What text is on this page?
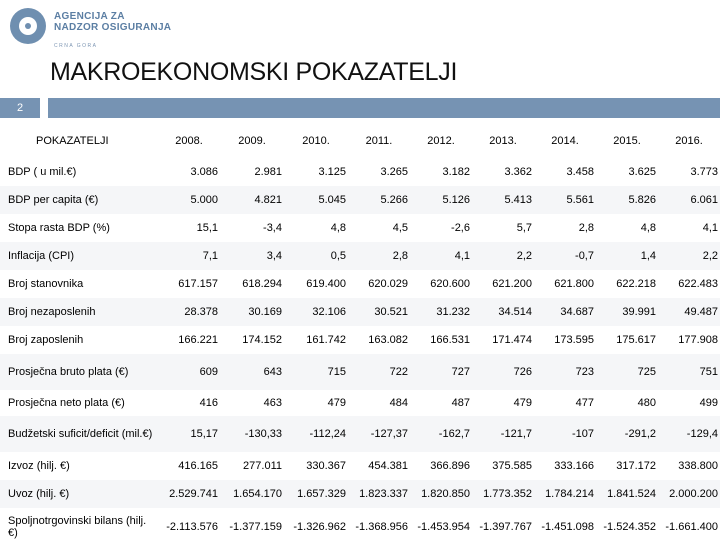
AGENCIJA ZA
NADZOR OSIGURANJA
CRNA GORA
MAKROEKONOMSKI POKAZATELJI
2
POKAZATELJI	2008.	2009.	2010.	2011.	2012.	2013.	2014.	2015.	2016.
BDP ( u mil.€)	3.086	2.981	3.125	3.265	3.182	3.362	3.458	3.625	3.773
BDP per capita (€)	5.000	4.821	5.045	5.266	5.126	5.413	5.561	5.826	6.061
Stopa rasta BDP (%)	15,1	-3,4	4,8	4,5	-2,6	5,7	2,8	4,8	4,1
Inflacija (CPI)	7,1	3,4	0,5	2,8	4,1	2,2	-0,7	1,4	2,2
Broj stanovnika	617.157	618.294	619.400	620.029	620.600	621.200	621.800	622.218	622.483
Broj nezaposlenih	28.378	30.169	32.106	30.521	31.232	34.514	34.687	39.991	49.487
Broj zaposlenih	166.221	174.152	161.742	163.082	166.531	171.474	173.595	175.617	177.908
Prosječna bruto plata (€)	609	643	715	722	727	726	723	725	751
Prosječna neto plata (€)	416	463	479	484	487	479	477	480	499
Budžetski suficit/deficit (mil.€)	15,17	-130,33	-112,24	-127,37	-162,7	-121,7	-107	-291,2	-129,4
Izvoz (hilj. €)	416.165	277.011	330.367	454.381	366.896	375.585	333.166	317.172	338.800
Uvoz (hilj. €)	2.529.741	1.654.170	1.657.329	1.823.337	1.820.850	1.773.352	1.784.214	1.841.524	2.000.200
Spoljnotrgovinski bilans (hilj. €)	-2.113.576	-1.377.159	-1.326.962 -1.368.956 -1.453.954 -1.397.767 -1.451.098 -1.524.352 -1.661.400
